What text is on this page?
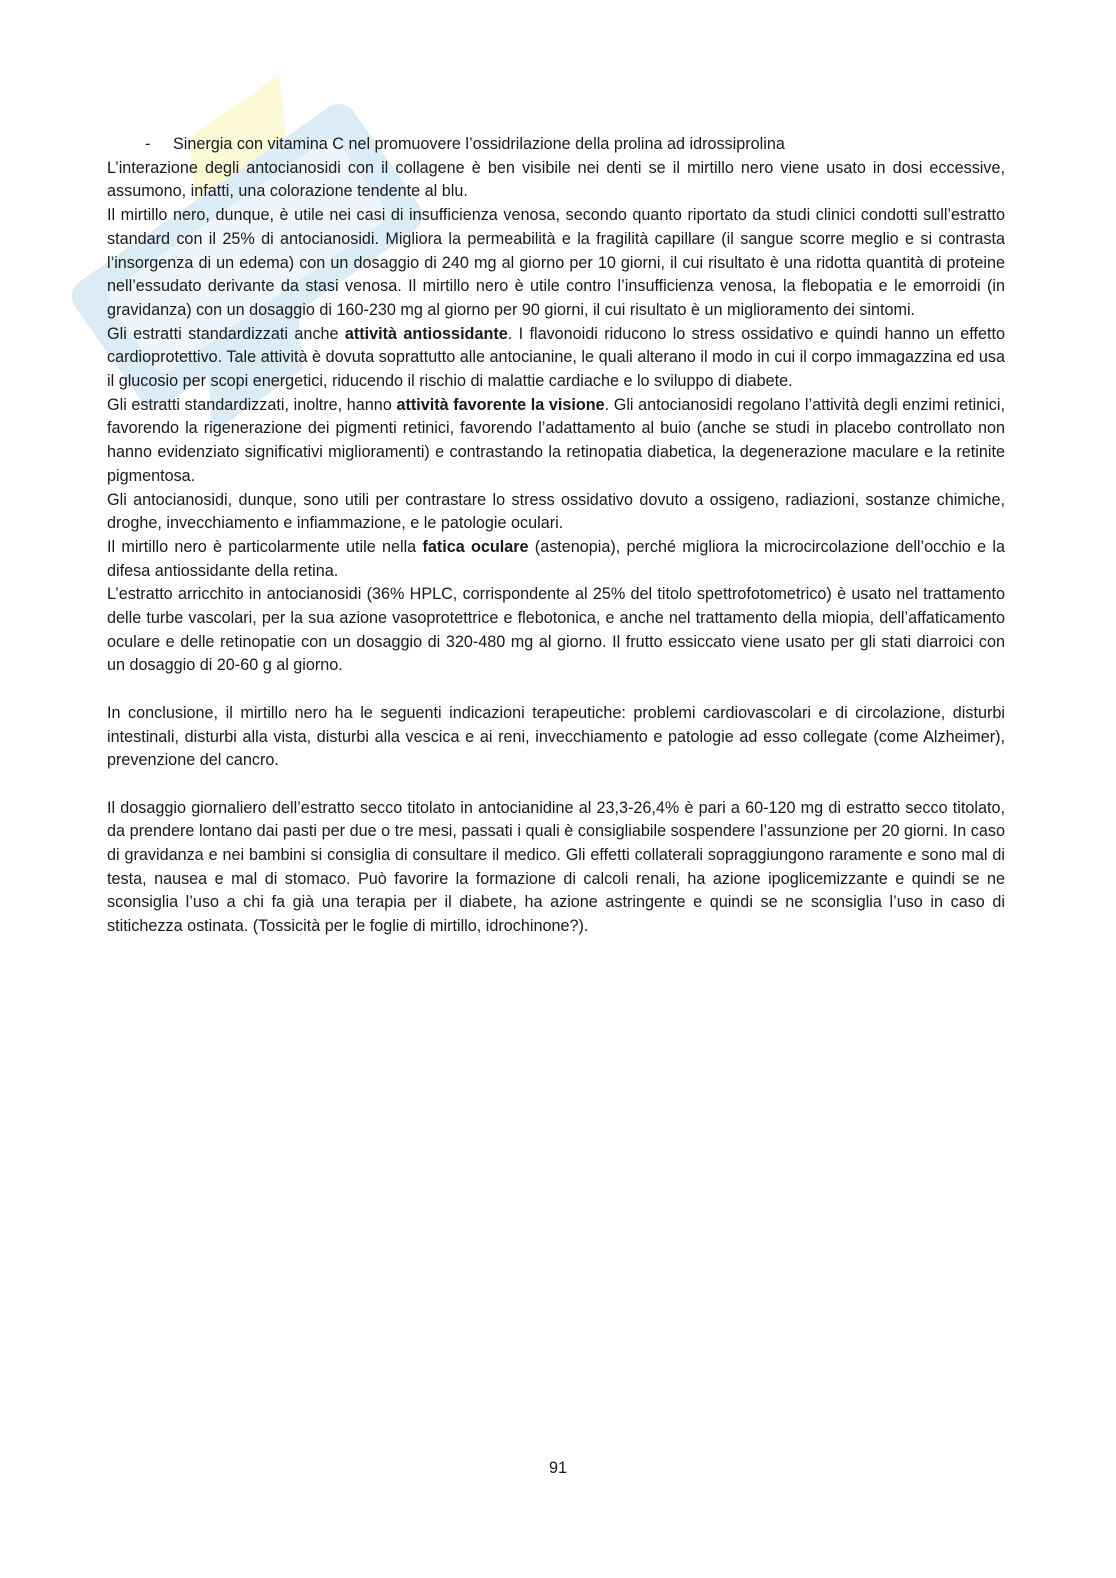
-	Sinergia con vitamina C nel promuovere l’ossidrilazione della prolina ad idrossiprolina

L’interazione degli antocianosidi con il collagene è ben visibile nei denti se il mirtillo nero viene usato in dosi eccessive, assumono, infatti, una colorazione tendente al blu.

Il mirtillo nero, dunque, è utile nei casi di insufficienza venosa, secondo quanto riportato da studi clinici condotti sull’estratto standard con il 25% di antocianosidi. Migliora la permeabilità e la fragilità capillare (il sangue scorre meglio e si contrasta l’insorgenza di un edema) con un dosaggio di 240 mg al giorno per 10 giorni, il cui risultato è una ridotta quantità di proteine nell’essudato derivante da stasi venosa. Il mirtillo nero è utile contro l’insufficienza venosa, la flebopatia e le emorroidi (in gravidanza) con un dosaggio di 160-230 mg al giorno per 90 giorni, il cui risultato è un miglioramento dei sintomi.

Gli estratti standardizzati anche attività antiossidante. I flavonoidi riducono lo stress ossidativo e quindi hanno un effetto cardioprotettivo. Tale attività è dovuta soprattutto alle antocianine, le quali alterano il modo in cui il corpo immagazzina ed usa il glucosio per scopi energetici, riducendo il rischio di malattie cardiache e lo sviluppo di diabete.

Gli estratti standardizzati, inoltre, hanno attività favorente la visione. Gli antocianosidi regolano l’attività degli enzimi retinici, favorendo la rigenerazione dei pigmenti retinici, favorendo l’adattamento al buio (anche se studi in placebo controllato non hanno evidenziato significativi miglioramenti) e contrastando la retinopatia diabetica, la degenerazione maculare e la retinite pigmentosa.

Gli antocianosidi, dunque, sono utili per contrastare lo stress ossidativo dovuto a ossigeno, radiazioni, sostanze chimiche, droghe, invecchiamento e infiammazione, e le patologie oculari.

Il mirtillo nero è particolarmente utile nella fatica oculare (astenopia), perché migliora la microcircolazione dell’occhio e la difesa antiossidante della retina.

L’estratto arricchito in antocianosidi (36% HPLC, corrispondente al 25% del titolo spettrofotometrico) è usato nel trattamento delle turbe vascolari, per la sua azione vasoprotettrice e flebotonica, e anche nel trattamento della miopia, dell’affaticamento oculare e delle retinopatie con un dosaggio di 320-480 mg al giorno. Il frutto essiccato viene usato per gli stati diarroici con un dosaggio di 20-60 g al giorno.

In conclusione, il mirtillo nero ha le seguenti indicazioni terapeutiche: problemi cardiovascolari e di circolazione, disturbi intestinali, disturbi alla vista, disturbi alla vescica e ai reni, invecchiamento e patologie ad esso collegate (come Alzheimer), prevenzione del cancro.

Il dosaggio giornaliero dell’estratto secco titolato in antocianidine al 23,3-26,4% è pari a 60-120 mg di estratto secco titolato, da prendere lontano dai pasti per due o tre mesi, passati i quali è consigliabile sospendere l’assunzione per 20 giorni. In caso di gravidanza e nei bambini si consiglia di consultare il medico. Gli effetti collaterali sopraggiungono raramente e sono mal di testa, nausea e mal di stomaco. Può favorire la formazione di calcoli renali, ha azione ipoglicemizzante e quindi se ne sconsiglia l’uso a chi fa già una terapia per il diabete, ha azione astringente e quindi se ne sconsiglia l’uso in caso di stitichezza ostinata. (Tossicità per le foglie di mirtillo, idrochinone?).

91
